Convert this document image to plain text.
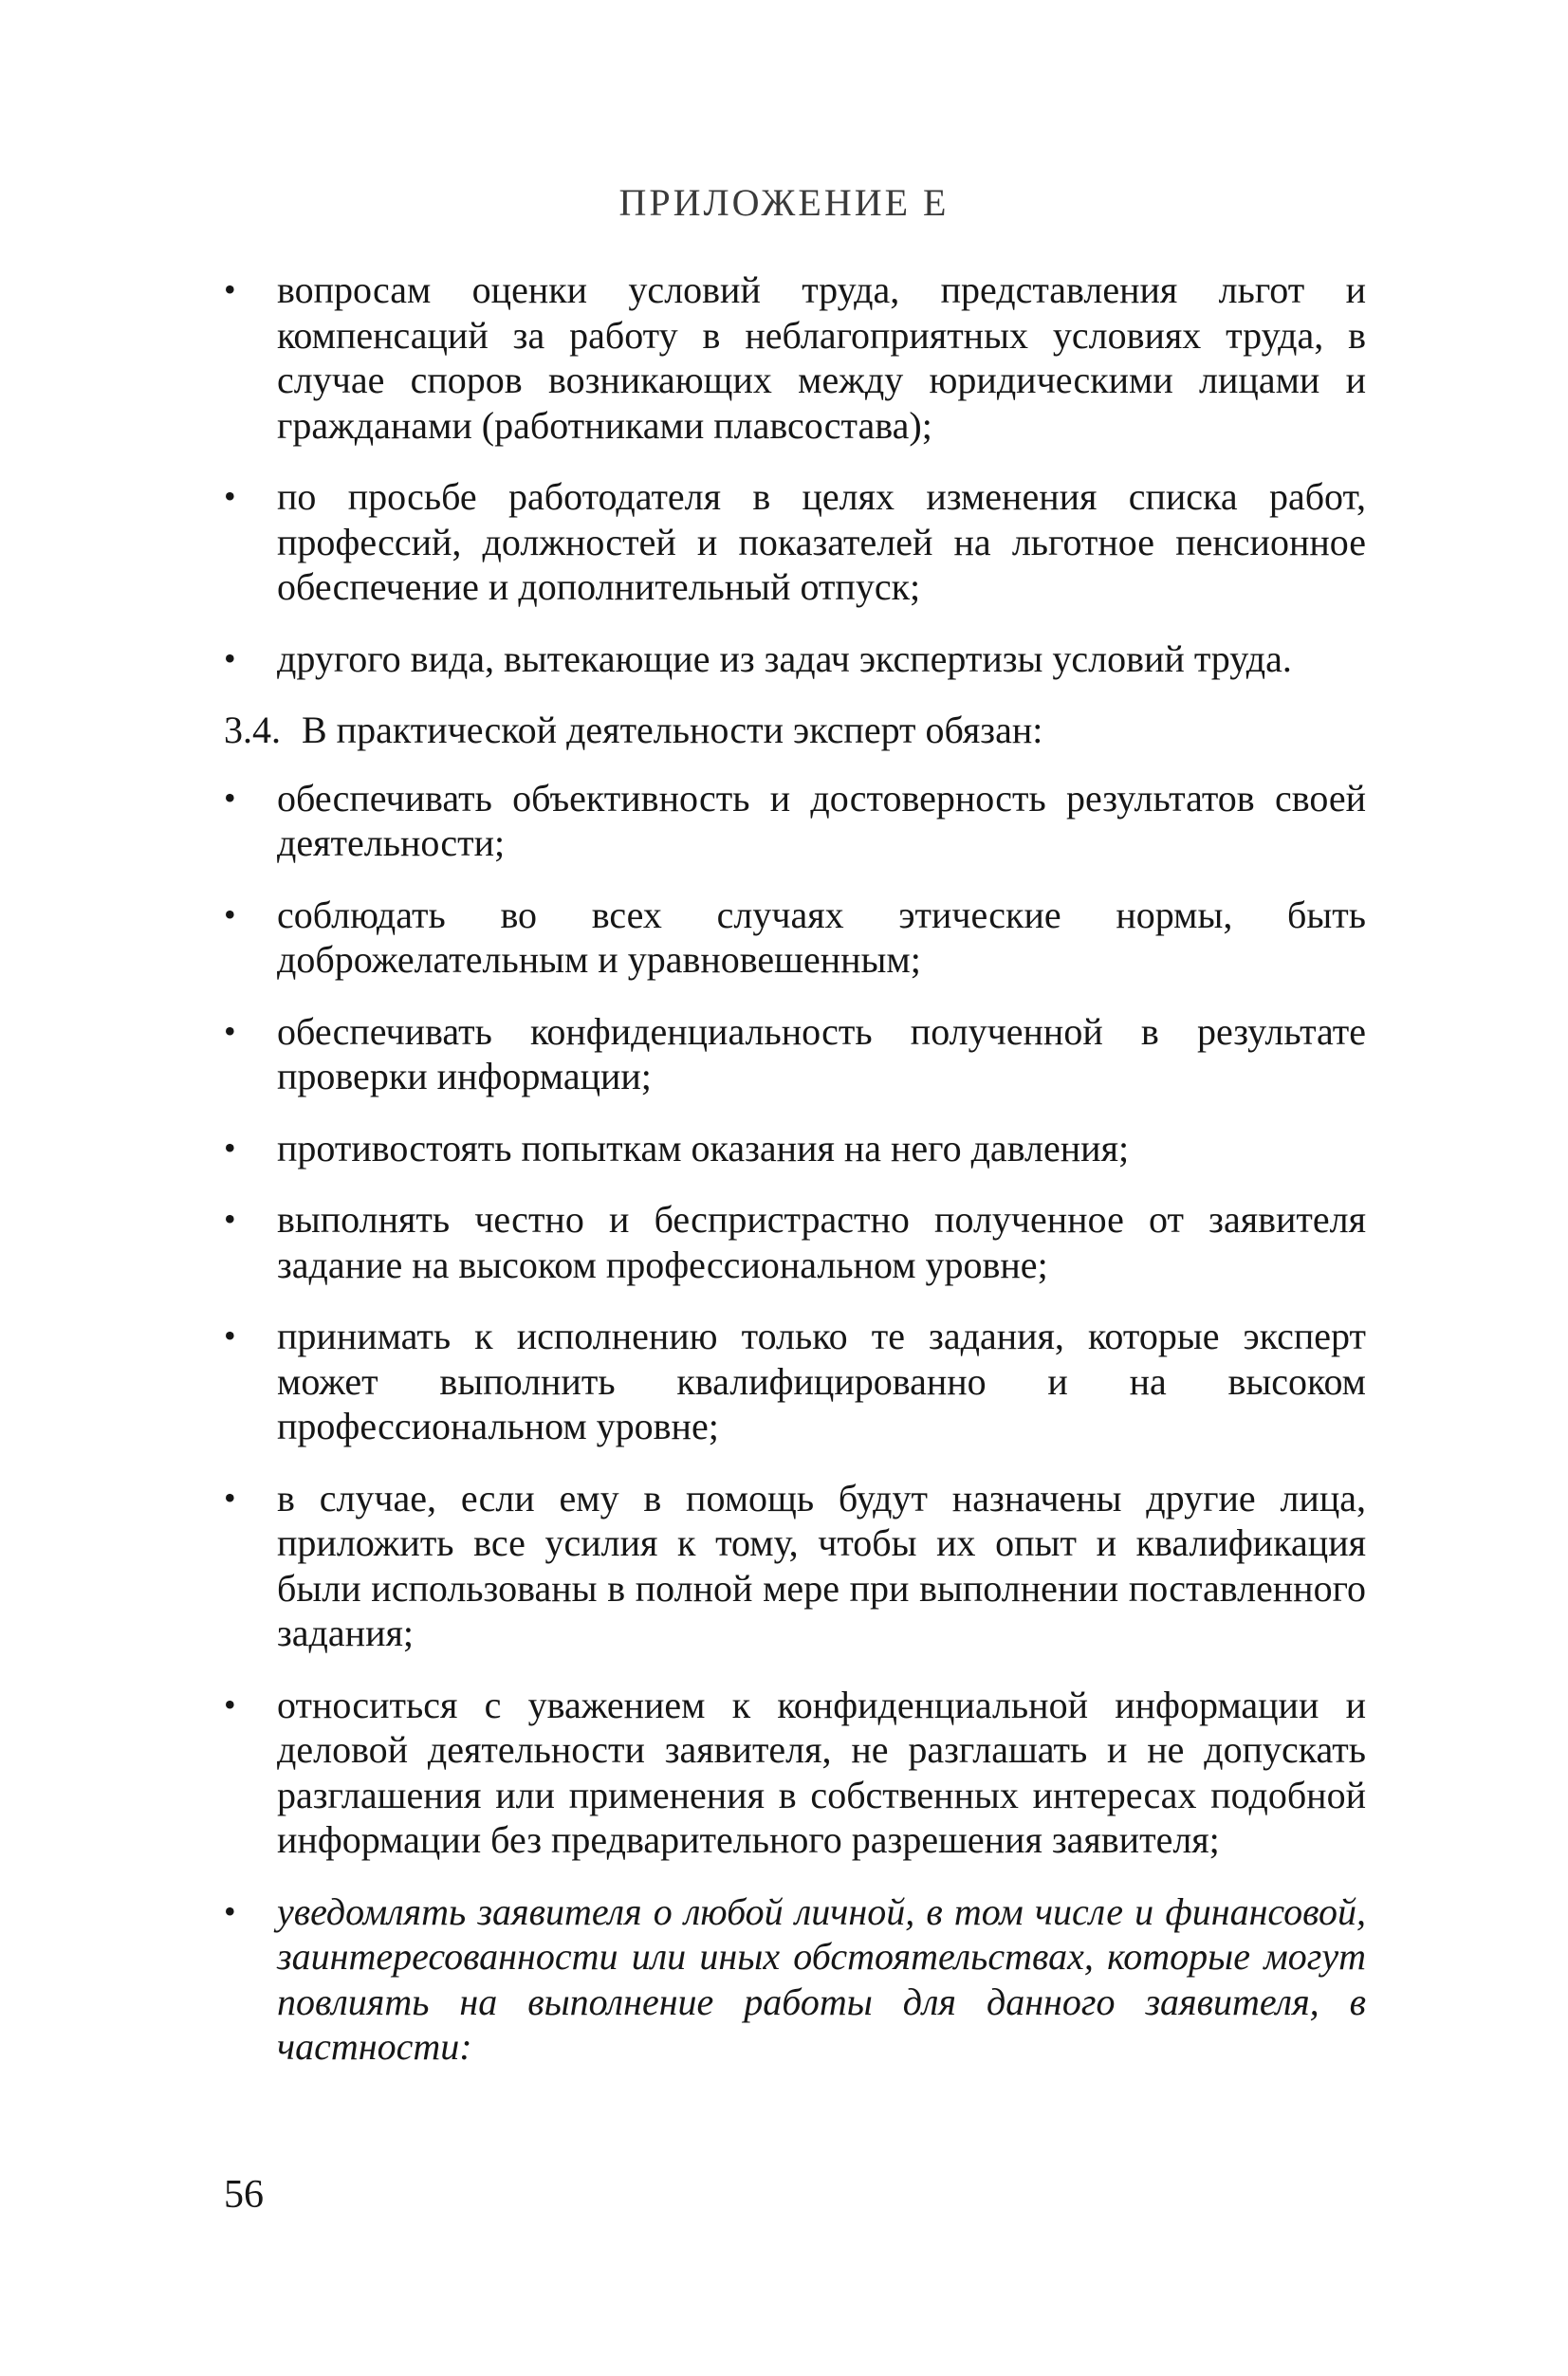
ПРИЛОЖЕНИЕ Е
• вопросам оценки условий труда, представления льгот и компенсаций за работу в неблагоприятных условиях труда, в случае споров возникающих между юридическими лицами и гражданами (работниками плавсостава);
• по просьбе работодателя в целях изменения списка работ, профессий, должностей и показателей на льготное пенсионное обеспечение и дополнительный отпуск;
• другого вида, вытекающие из задач экспертизы условий труда.
3.4. В практической деятельности эксперт обязан:
• обеспечивать объективность и достоверность результатов своей деятельности;
• соблюдать во всех случаях этические нормы, быть доброжелательным и уравновешенным;
• обеспечивать конфиденциальность полученной в результате проверки информации;
• противостоять попыткам оказания на него давления;
• выполнять честно и беспристрастно полученное от заявителя задание на высоком профессиональном уровне;
• принимать к исполнению только те задания, которые эксперт может выполнить квалифицированно и на высоком профессиональном уровне;
• в случае, если ему в помощь будут назначены другие лица, приложить все усилия к тому, чтобы их опыт и квалификация были использованы в полной мере при выполнении поставленного задания;
• относиться с уважением к конфиденциальной информации и деловой деятельности заявителя, не разглашать и не допускать разглашения или применения в собственных интересах подобной информации без предварительного разрешения заявителя;
• уведомлять заявителя о любой личной, в том числе и финансовой, заинтересованности или иных обстоятельствах, которые могут повлиять на выполнение работы для данного заявителя, в частности:
56
